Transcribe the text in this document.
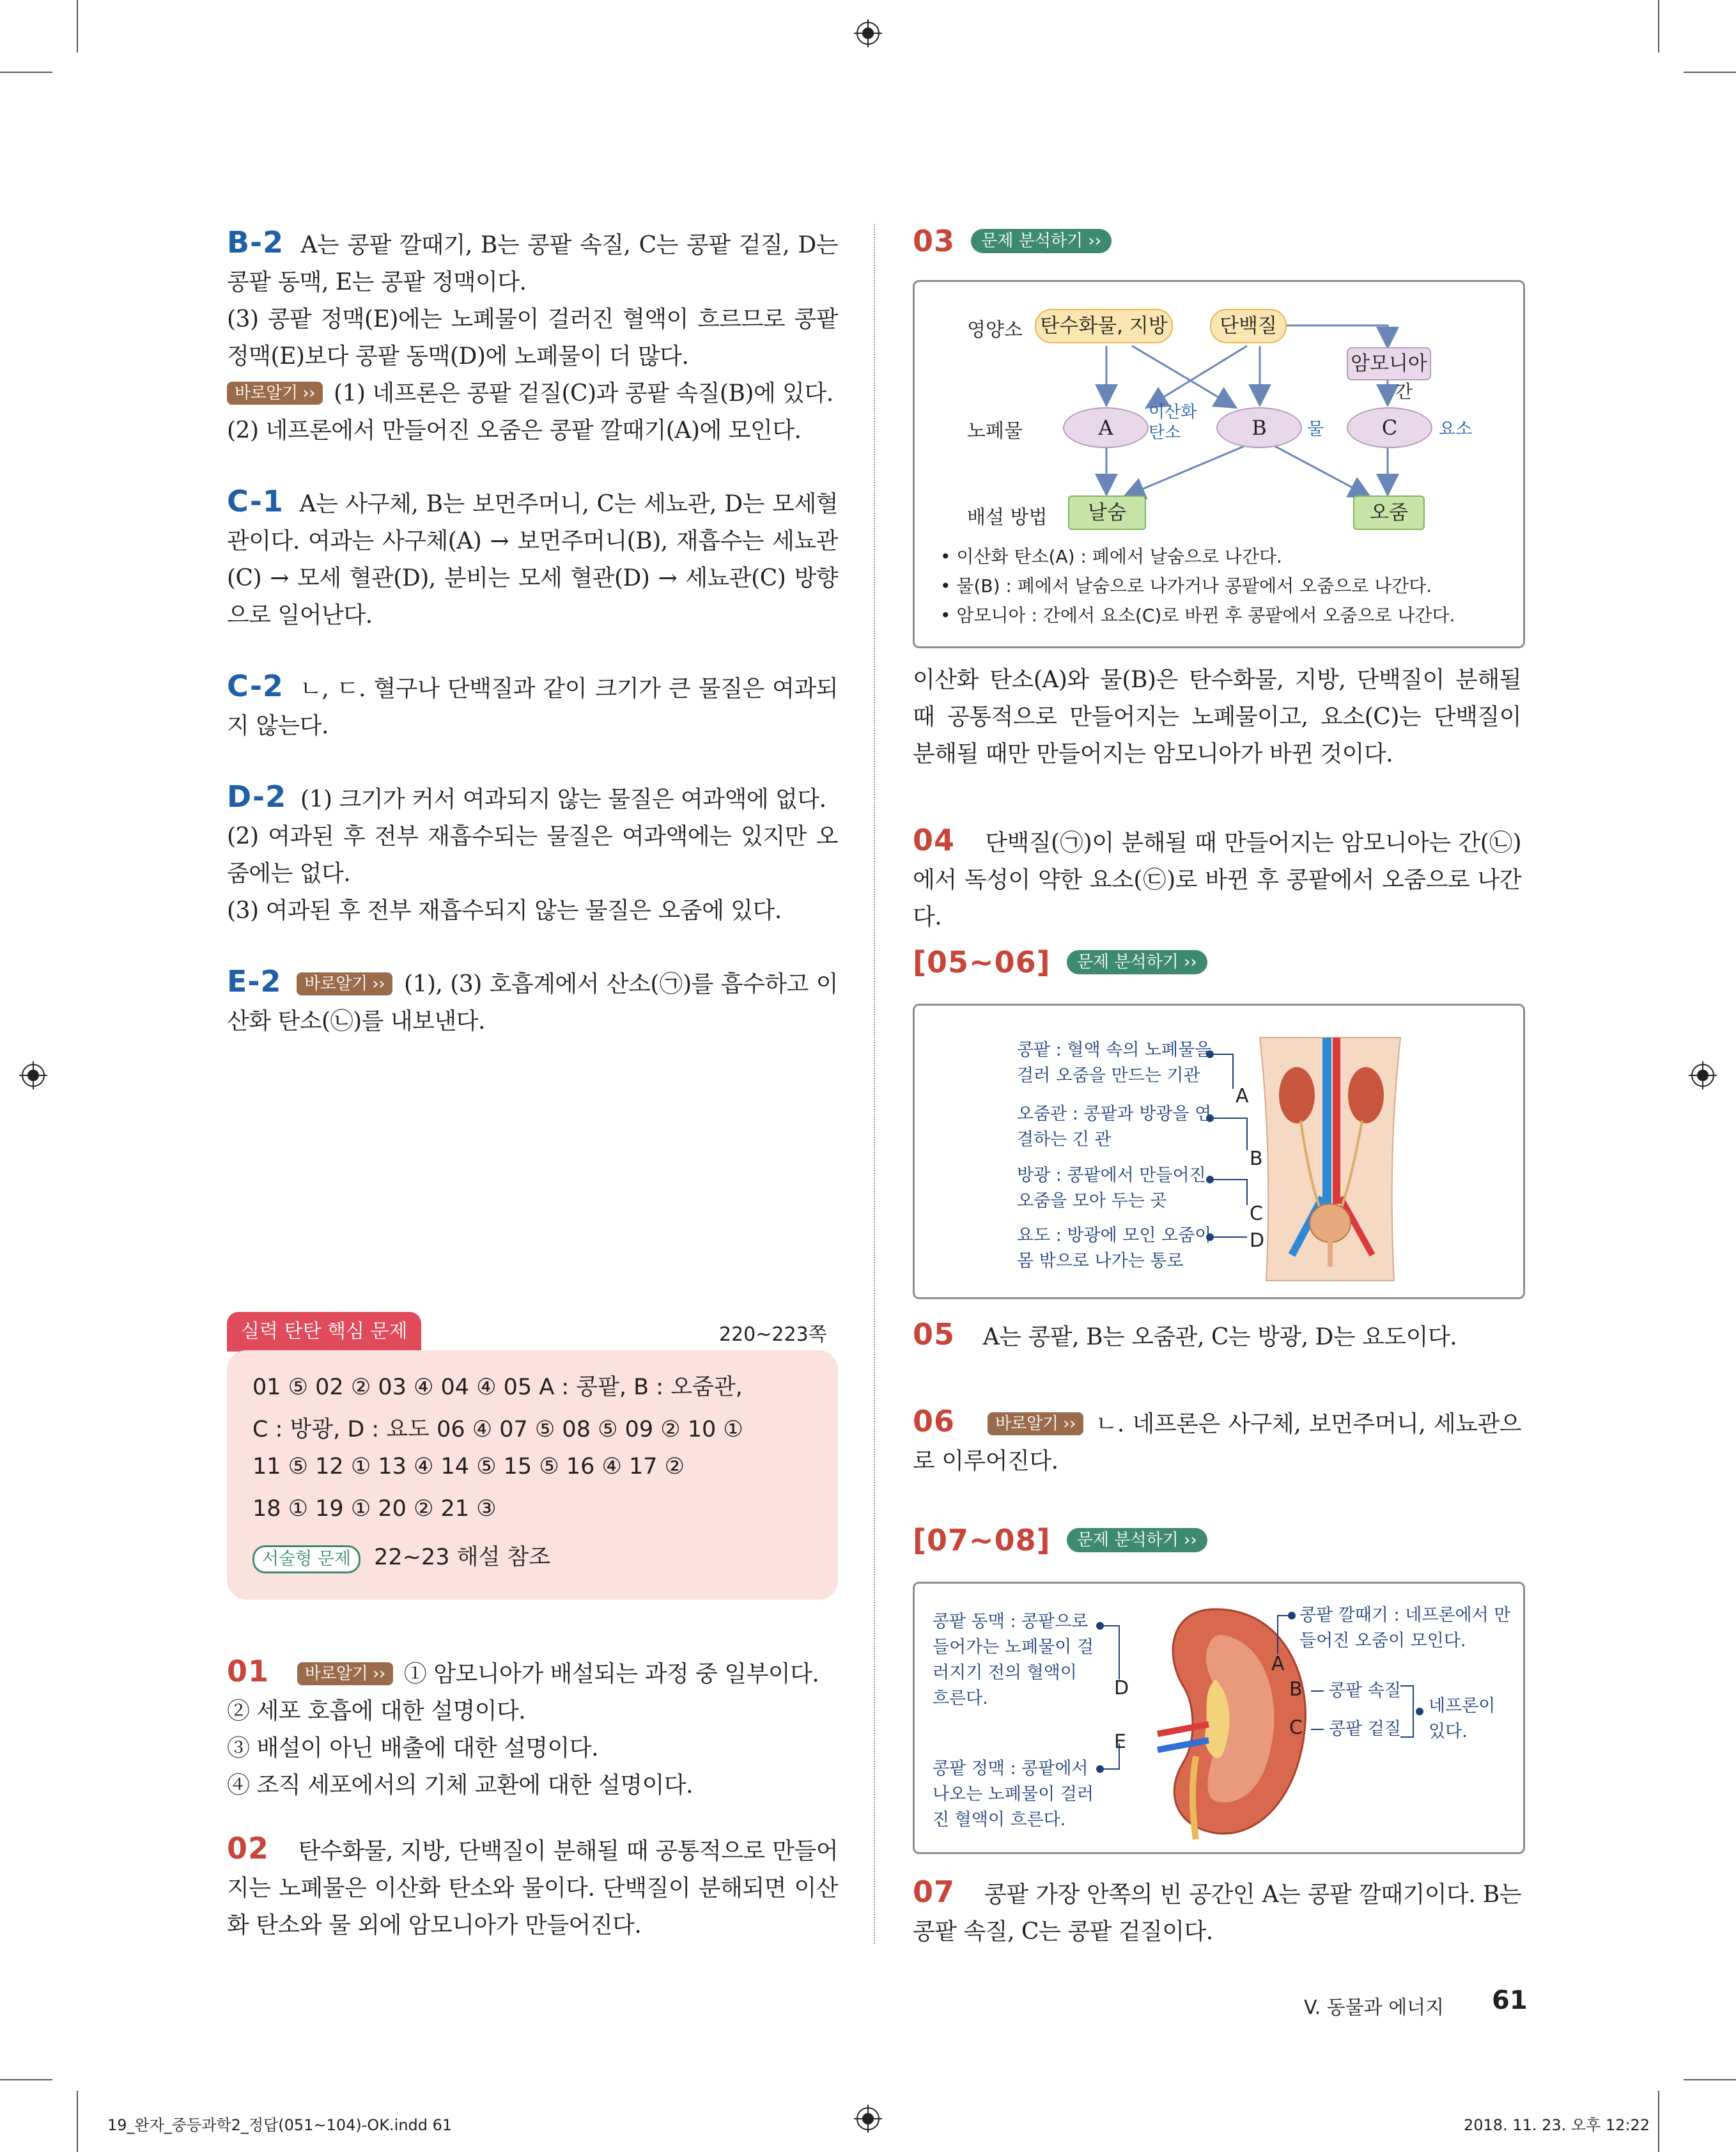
B-2 A는 콩팥 깔때기, B는 콩팥 속질, C는 콩팥 겉질, D는 콩팥 동맥, E는 콩팥 정맥이다.

(3) 콩팥 정맥(E)에는 노폐물이 걸러진 혈액이 흐르므로 콩팥 정맥(E)보다 콩팥 동맥(D)에 노폐물이 더 많다.

바로알기 ›› (1) 네프론은 콩팥 겉질(C)과 콩팥 속질(B)에 있다.

(2) 네프론에서 만들어진 오줌은 콩팥 깔때기(A)에 모인다.

C-1 A는 사구체, B는 보먼주머니, C는 세뇨관, D는 모세혈관이다. 여과는 사구체(A) → 보먼주머니(B), 재흡수는 세뇨관(C) → 모세 혈관(D), 분비는 모세 혈관(D) → 세뇨관(C) 방향으로 일어난다.

C-2 ㄴ, ㄷ. 혈구나 단백질과 같이 크기가 큰 물질은 여과되지 않는다.

D-2 (1) 크기가 커서 여과되지 않는 물질은 여과액에 없다.

(2) 여과된 후 전부 재흡수되는 물질은 여과액에는 있지만 오줌에는 없다.

(3) 여과된 후 전부 재흡수되지 않는 물질은 오줌에 있다.

E-2 바로알기 ›› (1), (3) 호흡계에서 산소(㉠)를 흡수하고 이산화 탄소(㉡)를 내보낸다.

실력 탄탄 핵심 문제	220~223쪽
01 ⑤ 02 ② 03 ④ 04 ④ 05 A : 콩팥, B : 오줌관,
C : 방광, D : 요도 06 ④ 07 ⑤ 08 ⑤ 09 ② 10 ①
11 ⑤ 12 ① 13 ④ 14 ⑤ 15 ⑤ 16 ④ 17 ②
18 ① 19 ① 20 ② 21 ③
서술형 문제 22~23 해설 참조

01 바로알기 ›› ① 암모니아가 배설되는 과정 중 일부이다.

② 세포 호흡에 대한 설명이다.

③ 배설이 아닌 배출에 대한 설명이다.

④ 조직 세포에서의 기체 교환에 대한 설명이다.

02 탄수화물, 지방, 단백질이 분해될 때 공통적으로 만들어지는 노폐물은 이산화 탄소와 물이다. 단백질이 분해되면 이산화 탄소와 물 외에 암모니아가 만들어진다.

03 문제 분석하기 ››
영양소
노폐물
배설 방법
탄수화물, 지방	단백질
암모니아
간
A	B	C
이산화
탄소	물	요소
날숨	오줌
• 이산화 탄소(A) : 폐에서 날숨으로 나간다.
• 물(B) : 폐에서 날숨으로 나가거나 콩팥에서 오줌으로 나간다.
• 암모니아 : 간에서 요소(C)로 바뀐 후 콩팥에서 오줌으로 나간다.

이산화 탄소(A)와 물(B)은 탄수화물, 지방, 단백질이 분해될 때 공통적으로 만들어지는 노폐물이고, 요소(C)는 단백질이 분해될 때만 만들어지는 암모니아가 바뀐 것이다.

04 단백질(㉠)이 분해될 때 만들어지는 암모니아는 간(㉡)에서 독성이 약한 요소(㉢)로 바뀐 후 콩팥에서 오줌으로 나간다.

[05~06] 문제 분석하기 ››
콩팥 : 혈액 속의 노폐물을
걸러 오줌을 만드는 기관
오줌관 : 콩팥과 방광을 연
결하는 긴 관
방광 : 콩팥에서 만들어진
오줌을 모아 두는 곳
요도 : 방광에 모인 오줌이
몸 밖으로 나가는 통로
A
B
C
D

05 A는 콩팥, B는 오줌관, C는 방광, D는 요도이다.

06 바로알기 ›› ㄴ. 네프론은 사구체, 보먼주머니, 세뇨관으로 이루어진다.

[07~08] 문제 분석하기 ››
콩팥 동맥 : 콩팥으로
들어가는 노폐물이 걸
러지기 전의 혈액이
흐른다.
콩팥 정맥 : 콩팥에서
나오는 노폐물이 걸러
진 혈액이 흐른다.
콩팥 깔때기 : 네프론에서 만
들어진 오줌이 모인다.
콩팥 속질
콩팥 겉질
네프론이
있다.
A
B
C
D
E

07 콩팥 가장 안쪽의 빈 공간인 A는 콩팥 깔때기이다. B는 콩팥 속질, C는 콩팥 겉질이다.

V. 동물과 에너지 61
19_완자_중등과학2_정답(051~104)-OK.indd 61	2018. 11. 23. 오후 12:22
